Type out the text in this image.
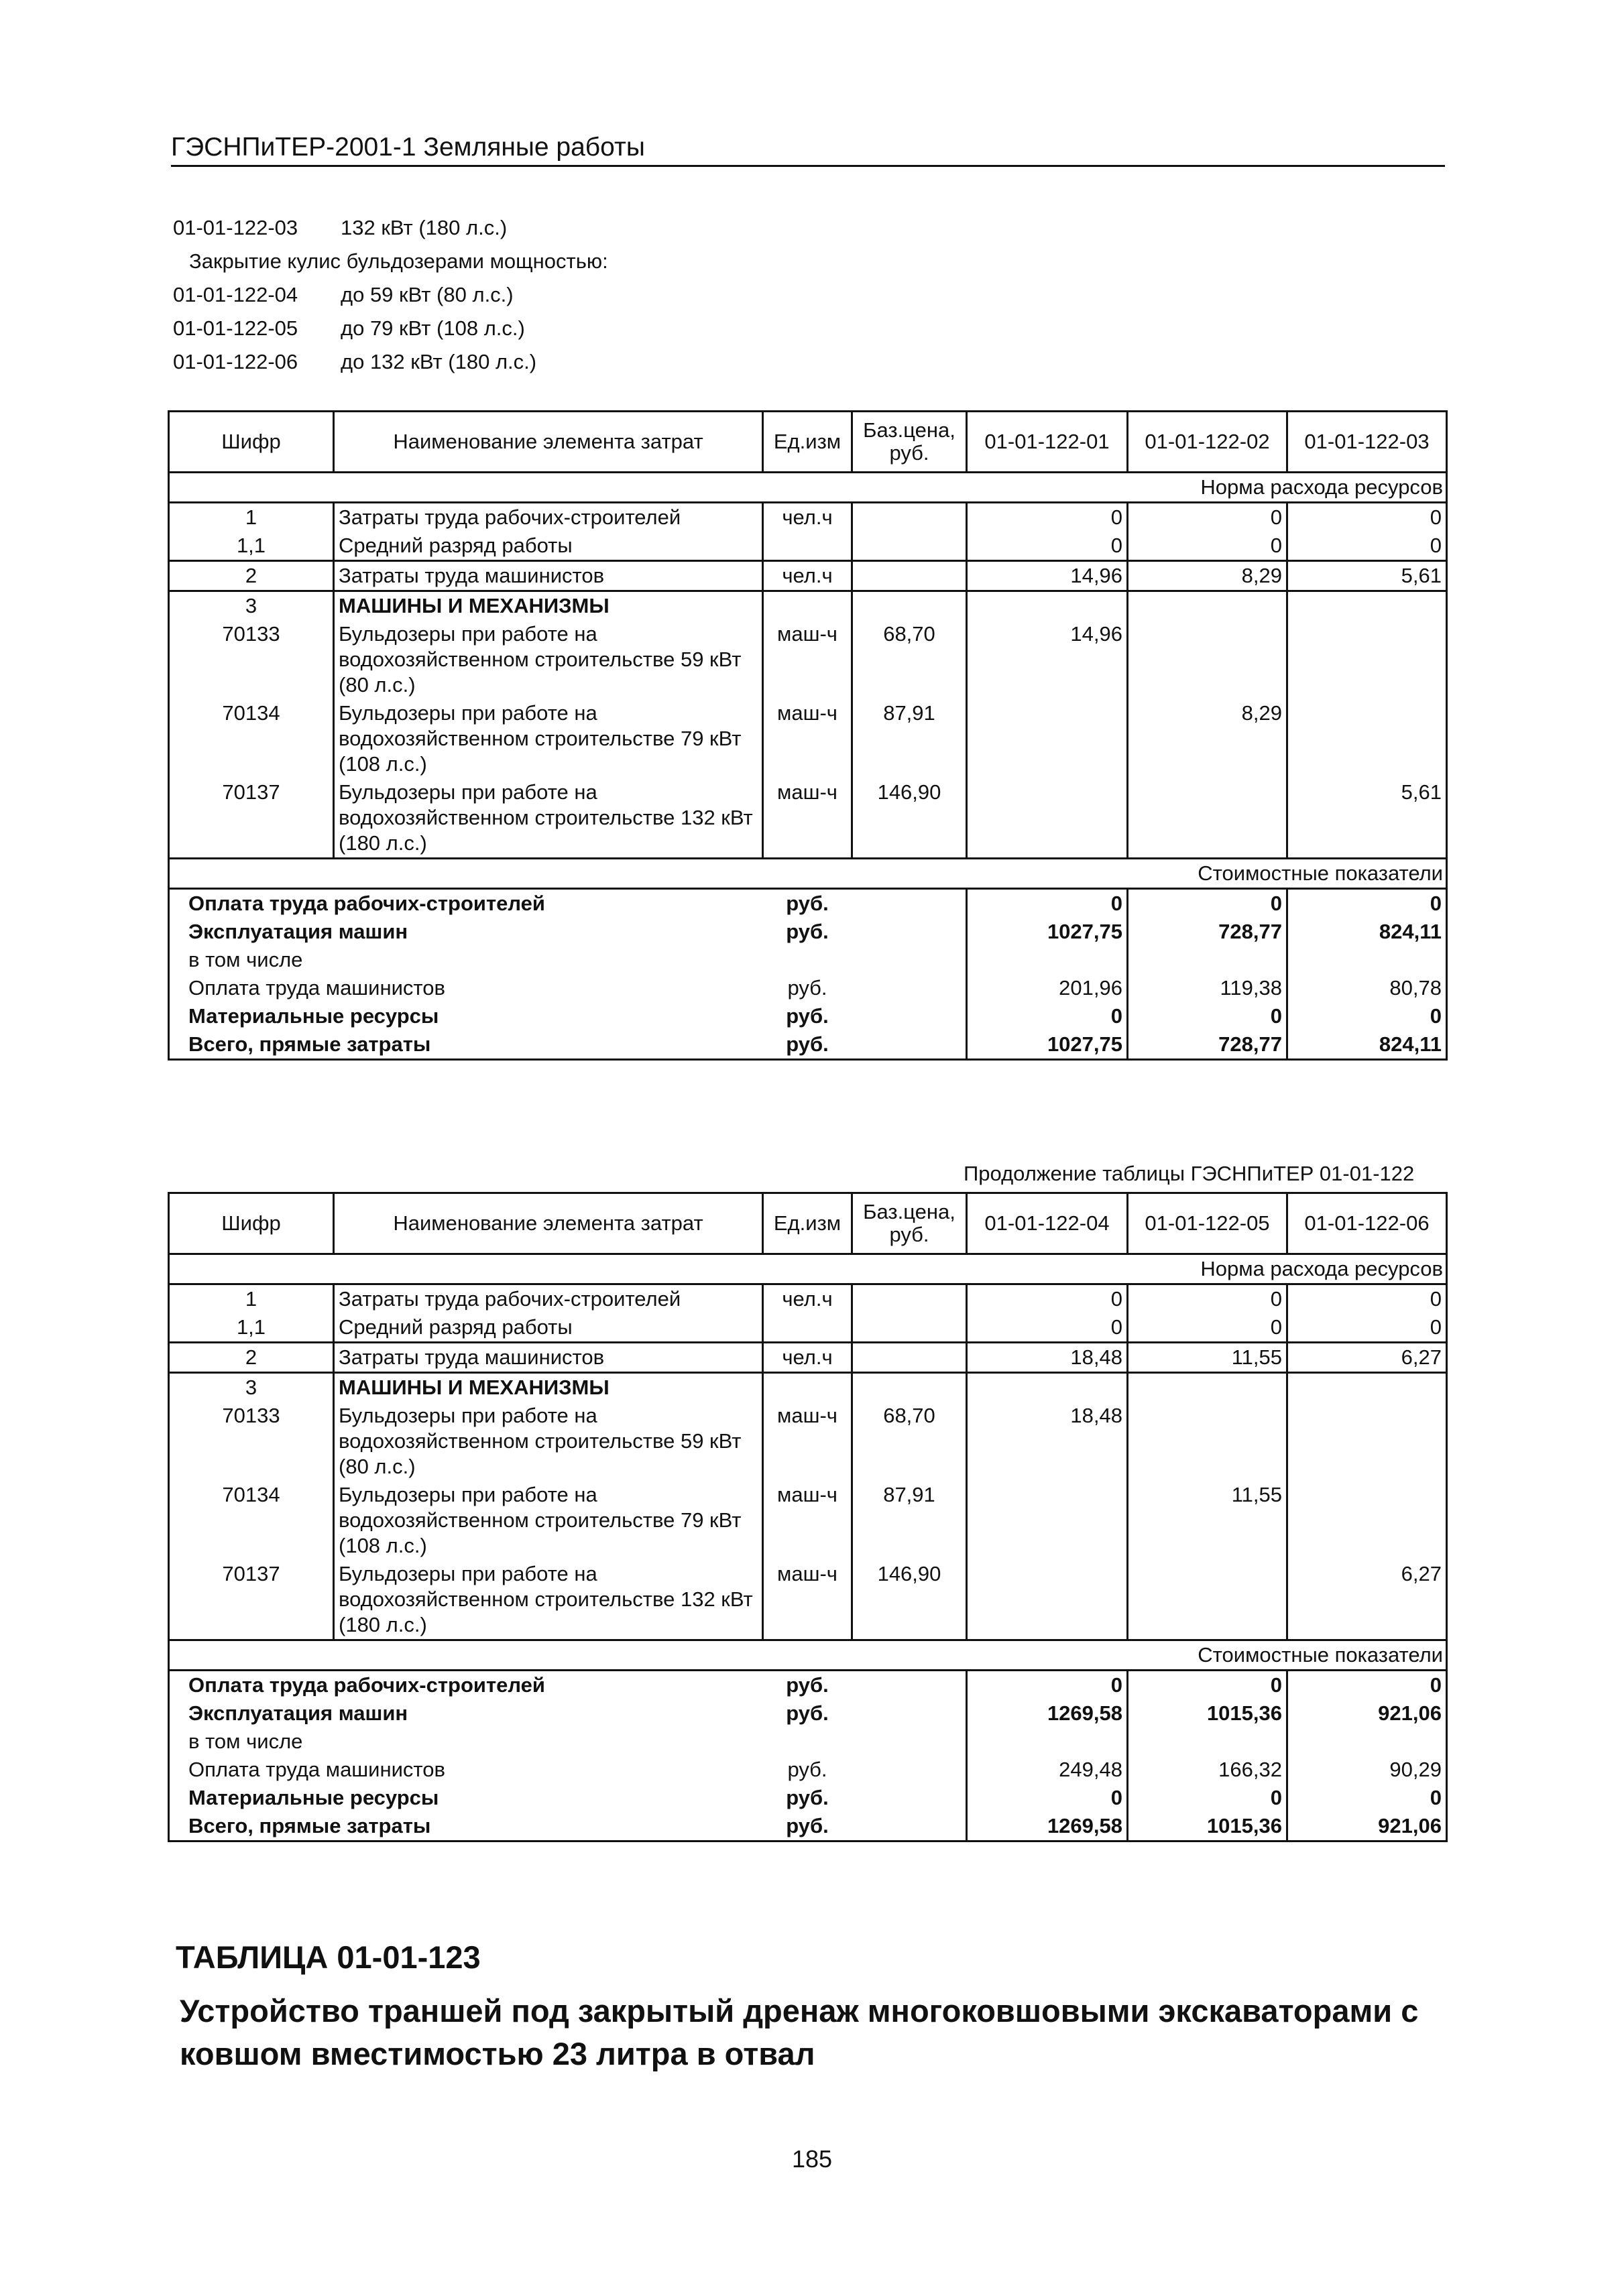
ГЭСНПиТЕР-2001-1 Земляные работы
01-01-122-03 132 кВт (180 л.с.)
Закрытие кулис бульдозерами мощностью:
01-01-122-04 до 59 кВт (80 л.с.)
01-01-122-05 до 79 кВт (108 л.с.)
01-01-122-06 до 132 кВт (180 л.с.)
Шифр	Наименование элемента затрат	Ед.изм	Баз.цена, руб.	01-01-122-01	01-01-122-02	01-01-122-03
Норма расхода ресурсов						
1	Затраты труда рабочих-строителей	чел.ч		0	0	0
1,1	Средний разряд работы			0	0	0
2	Затраты труда машинистов	чел.ч		14,96	8,29	5,61
3	МАШИНЫ И МЕХАНИЗМЫ					
70133	Бульдозеры при работе на водохозяйственном строительстве 59 кВт (80 л.с.)	маш-ч	68,70	14,96		
70134	Бульдозеры при работе на водохозяйственном строительстве 79 кВт (108 л.с.)	маш-ч	87,91		8,29	
70137	Бульдозеры при работе на водохозяйственном строительстве 132 кВт (180 л.с.)	маш-ч	146,90			5,61
Стоимостные показатели						
Оплата труда рабочих-строителей		руб.		0	0	0
Эксплуатация машин		руб.		1027,75	728,77	824,11
в том числе						
Оплата труда машинистов		руб.		201,96	119,38	80,78
Материальные ресурсы		руб.		0	0	0
Всего, прямые затраты		руб.		1027,75	728,77	824,11
Продолжение таблицы ГЭСНПиТЕР 01-01-122
Шифр	Наименование элемента затрат	Ед.изм	Баз.цена, руб.	01-01-122-04	01-01-122-05	01-01-122-06
Норма расхода ресурсов						
1	Затраты труда рабочих-строителей	чел.ч		0	0	0
1,1	Средний разряд работы			0	0	0
2	Затраты труда машинистов	чел.ч		18,48	11,55	6,27
3	МАШИНЫ И МЕХАНИЗМЫ					
70133	Бульдозеры при работе на водохозяйственном строительстве 59 кВт (80 л.с.)	маш-ч	68,70	18,48		
70134	Бульдозеры при работе на водохозяйственном строительстве 79 кВт (108 л.с.)	маш-ч	87,91		11,55	
70137	Бульдозеры при работе на водохозяйственном строительстве 132 кВт (180 л.с.)	маш-ч	146,90			6,27
Стоимостные показатели						
Оплата труда рабочих-строителей		руб.		0	0	0
Эксплуатация машин		руб.		1269,58	1015,36	921,06
в том числе						
Оплата труда машинистов		руб.		249,48	166,32	90,29
Материальные ресурсы		руб.		0	0	0
Всего, прямые затраты		руб.		1269,58	1015,36	921,06
ТАБЛИЦА 01-01-123
Устройство траншей под закрытый дренаж многоковшовыми экскаваторами с ковшом вместимостью 23 литра в отвал
185
